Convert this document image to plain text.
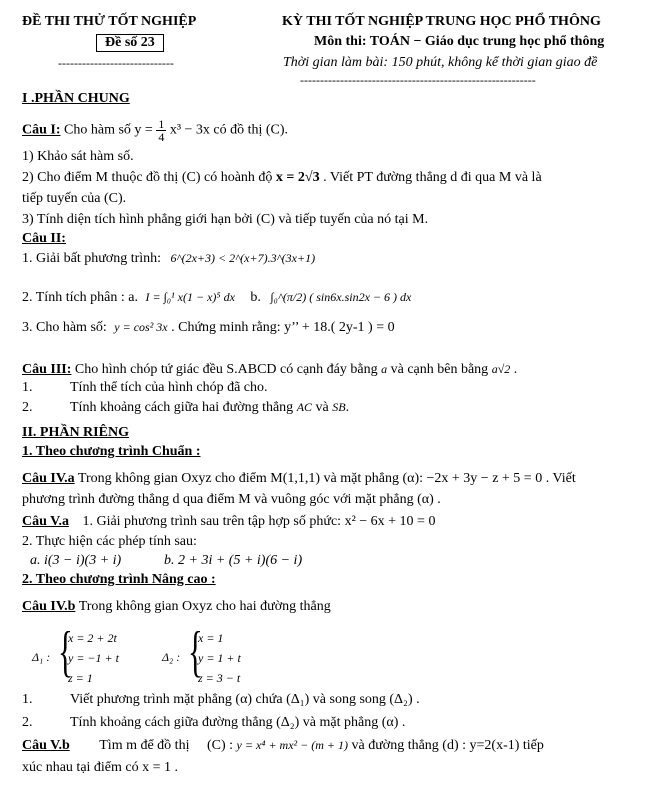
ĐỀ THI THỬ TỐT NGHIỆP
Đề số 23
-----------------------------
KỲ THI TỐT NGHIỆP TRUNG HỌC PHỔ THÔNG
Môn thi: TOÁN − Giáo dục trung học phổ thông
Thời gian làm bài: 150 phút, không kể thời gian giao đề
-----------------------------------------------------------
I .PHẦN CHUNG
Câu I: Cho hàm số $y = \frac{1}{4} x^3 - 3x$ có đồ thị (C).
1) Khảo sát hàm số.
2) Cho điểm M thuộc đồ thị (C) có hoành độ x = 2√3 . Viết PT đường thẳng d đi qua M và là
tiếp tuyến của (C).
3) Tính diện tích hình phẳng giới hạn bởi (C) và tiếp tuyến của nó tại M.
Câu II:
1. Giải bất phương trình: 6^(2x+3) < 2^(x+7).3^(3x+1)
2. Tính tích phân : a. I = ∫₀¹ x(1 − x)⁵ dx b. ∫₀^(π/2) ( sin6x.sin2x − 6 ) dx
3. Cho hàm số: y = cos² 3x . Chứng minh rằng: y’’ + 18.( 2y-1 ) = 0
Câu III: Cho hình chóp tứ giác đều S.ABCD có cạnh đáy bằng a và cạnh bên bằng a√2 .
1.	Tính thể tích của hình chóp đã cho.
2.	Tính khoảng cách giữa hai đường thẳng AC và SB.
II. PHẦN RIÊNG
1. Theo chương trình Chuẩn :
Câu IV.a Trong không gian Oxyz cho điểm M(1,1,1) và mặt phẳng (α): −2x + 3y − z + 5 = 0 . Viết
phương trình đường thẳng d qua điểm M và vuông góc với mặt phẳng (α) .
Câu V.a 1. Giải phương trình sau trên tập hợp số phức: x² − 6x + 10 = 0
2. Thực hiện các phép tính sau:
a. i(3 − i)(3 + i)	b. 2 + 3i + (5 + i)(6 − i)
2. Theo chương trình Nâng cao :
Câu IV.b Trong không gian Oxyz cho hai đường thẳng
Δ₁ : {
x = 2 + 2t
y = −1 + t
z = 1
Δ₂ : {
x = 1
y = 1 + t
z = 3 − t
1.	Viết phương trình mặt phẳng (α) chứa (Δ₁) và song song (Δ₂) .
2.	Tính khoảng cách giữa đường thẳng (Δ₂) và mặt phẳng (α) .
Câu V.b Tìm m để đồ thị (C) : y = x⁴ + mx² − (m + 1) và đường thẳng (d) : y=2(x-1) tiếp
xúc nhau tại điểm có x = 1 .
